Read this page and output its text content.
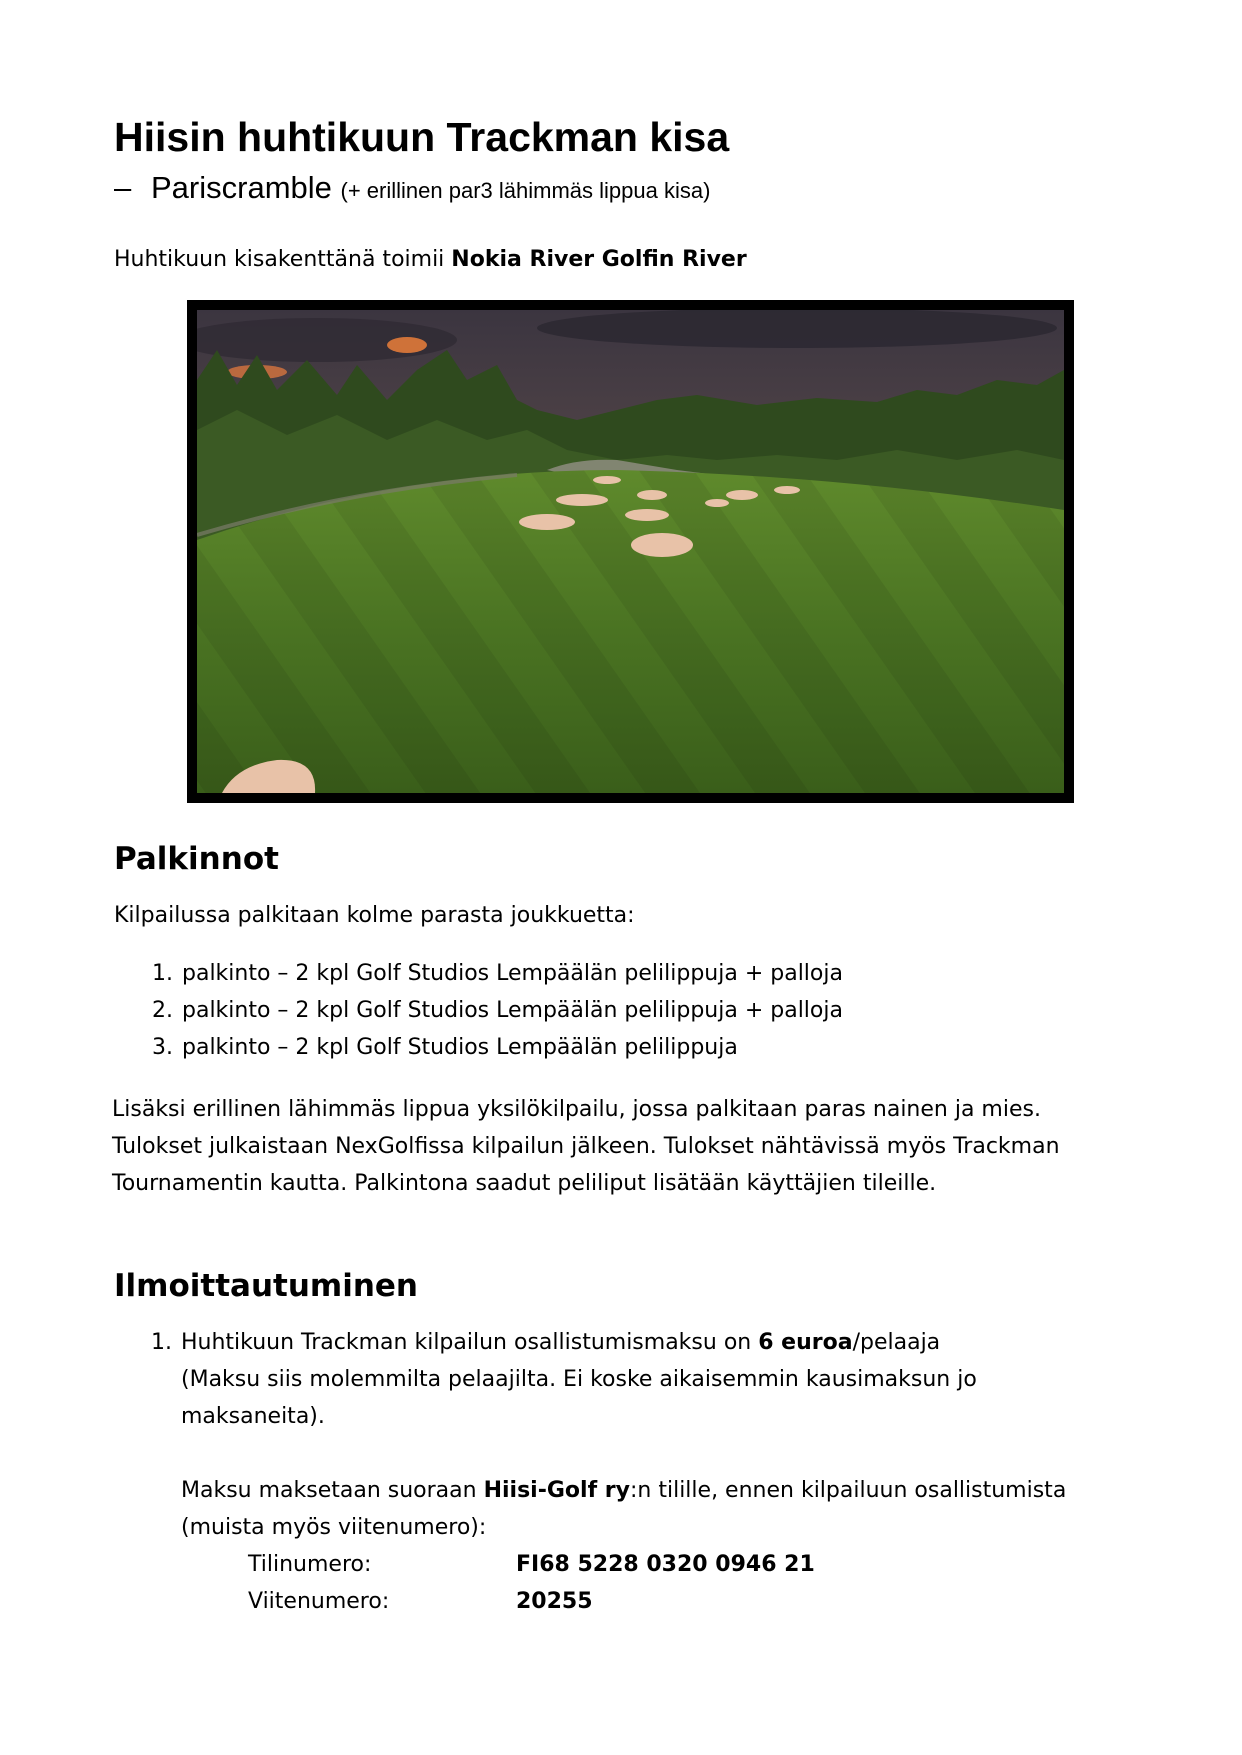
Hiisin huhtikuun Trackman kisa
– Pariscramble (+ erillinen par3 lähimmäs lippua kisa)
Huhtikuun kisakenttänä toimii Nokia River Golfin River
Palkinnot
Kilpailussa palkitaan kolme parasta joukkuetta:
1. palkinto – 2 kpl Golf Studios Lempäälän pelilippuja + palloja
2. palkinto – 2 kpl Golf Studios Lempäälän pelilippuja + palloja
3. palkinto – 2 kpl Golf Studios Lempäälän pelilippuja
Lisäksi erillinen lähimmäs lippua yksilökilpailu, jossa palkitaan paras nainen ja mies.
Tulokset julkaistaan NexGolfissa kilpailun jälkeen. Tulokset nähtävissä myös Trackman
Tournamentin kautta. Palkintona saadut peliliput lisätään käyttäjien tileille.
Ilmoittautuminen
1. Huhtikuun Trackman kilpailun osallistumismaksu on 6 euroa/pelaaja
(Maksu siis molemmilta pelaajilta. Ei koske aikaisemmin kausimaksun jo
maksaneita).
Maksu maksetaan suoraan Hiisi-Golf ry:n tilille, ennen kilpailuun osallistumista
(muista myös viitenumero):
Tilinumero:	FI68 5228 0320 0946 21
Viitenumero:	20255
